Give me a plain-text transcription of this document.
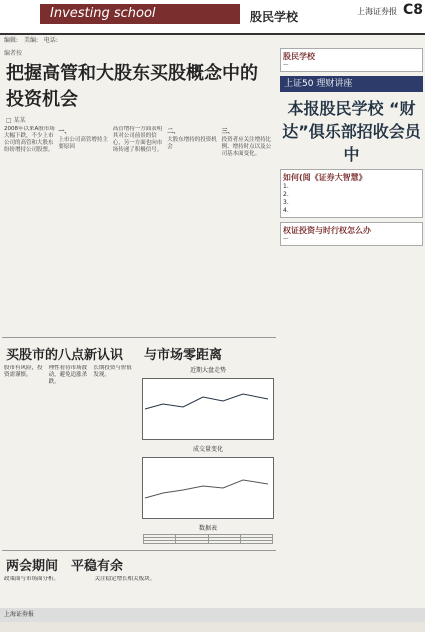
Investing school	股民学校	上海证券报 C8
编辑: 美编: 电话:
编者按
把握高管和大股东买股概念中的投资机会
□ 某某
2008年以来A股市场大幅下跌，不少上市公司的高管和大股东纷纷增持公司股票。
一、
上市公司高管增持主要原因
高管增持一方面表明其对公司前景的信心，另一方面也向市场传递了积极信号。
二、
大股东增持的投资机会
三、
投资者应关注增持比例、增持时点以及公司基本面变化。
买股市的八点新认识
股市有风险，投资需谨慎。
理性看待市场波动，避免追涨杀跌。
长期投资与价值发现。
与市场零距离
近期大盘走势
成交量变化
数据表

两会期间　平稳有余
政策面与市场面分析。	关注稳定增长相关板块。
股民学校
—
上证50 理财讲座
本报股民学校 “财达”俱乐部招收会员中
如何(阅《证券大智慧》
1.
2.
3.
4.
权证投资与时行权怎么办
—
上海证券报
